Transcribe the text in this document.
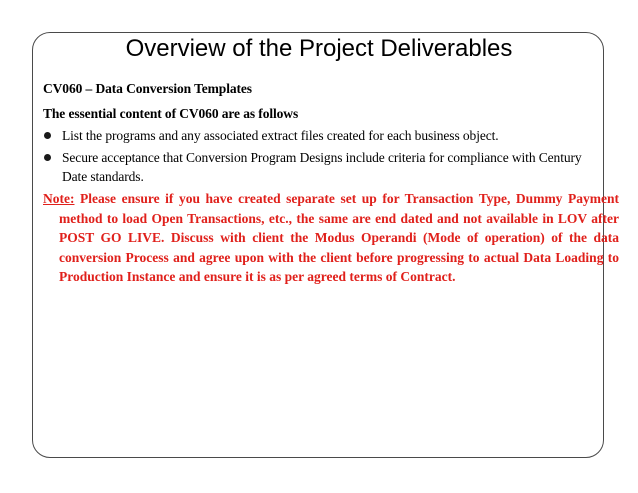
Overview of the Project Deliverables
CV060 – Data Conversion Templates
The essential content of CV060 are as follows
List the programs and any associated extract files created for each business object.
Secure acceptance that Conversion Program Designs include criteria for compliance with Century Date standards.
Note: Please ensure if you have created separate set up for Transaction Type, Dummy Payment method to load Open Transactions, etc., the same are end dated and not available in LOV after POST GO LIVE. Discuss with client the Modus Operandi (Mode of operation) of the data conversion Process and agree upon with the client before progressing to actual Data Loading to Production Instance and ensure it is as per agreed terms of Contract.
